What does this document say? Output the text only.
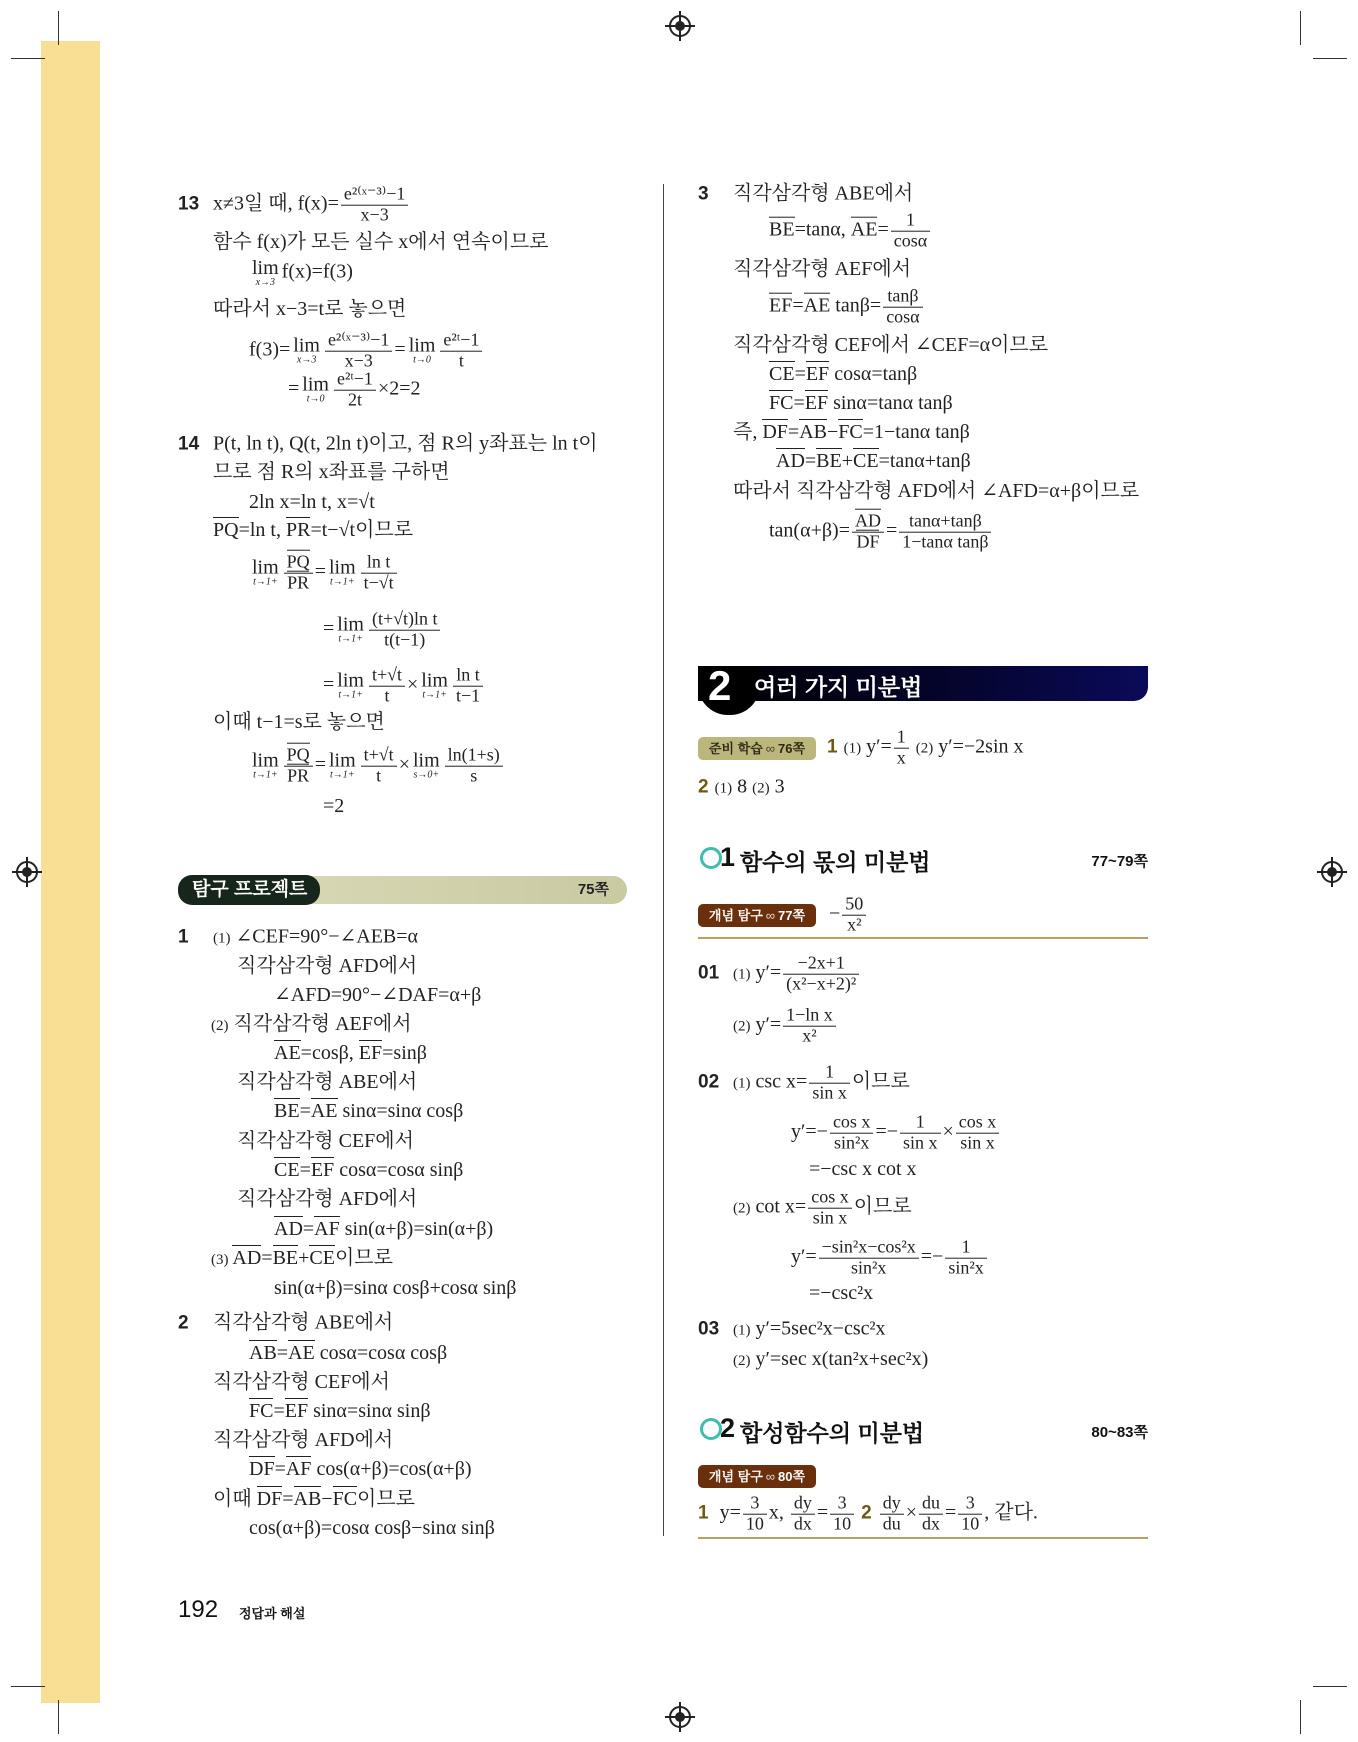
13 x≠3일 때, $f(x)= \frac{\text{e²⁽ˣ⁻³⁾−1}}{x-3}$
함수 f(x)가 모든 실수 x에서 연속이므로
lim
x→3 f(x)=f(3)
따라서 x−3=t로 놓으면
f(3)= lim
$x\to 3 \frac{\text{e²⁽ˣ⁻³⁾−1}}{x-3} = \lim$
$t\to 0 \frac{\text{e²ᵗ−1}}{t}$
= lim
$t\to 0 \frac{\text{e²ᵗ−1}}{2t} \times 2=2$
14 P(t, ln t), Q(t, 2ln t)이고, 점 R의 y좌표는 ln t이
므로 점 R의 x좌표를 구하면
2ln x=ln t, x=√t
PQ=ln t, PR=t−√t이므로
lim
$t\to 1+ \frac{PQ}{PR} = \lim$
$t\to 1+ \frac{\text{ln t}}{t-√t}$
= lim
$t\to 1+ \frac{\text{(t+√t)ln t}}{t(t-1)}$
= lim
$t\to 1+ \frac{t+√t}{t} \times \lim$
$t\to 1+ \frac{\text{ln t}}{t-1}$
이때 t−1=s로 놓으면
lim
$t\to 1+ \frac{PQ}{PR} = \lim$
$t\to 1+ \frac{t+√t}{t} \times \lim$
$s\to 0+ \frac{\ln(1+s)}{s}$
=2
1 (1) ∠CEF=90°−∠AEB=α
직각삼각형 AFD에서
∠AFD=90°−∠DAF=α+β
(2) 직각삼각형 AEF에서
AE=cosβ, EF=sinβ
직각삼각형 ABE에서
BE=AE sinα=sinα cosβ
직각삼각형 CEF에서
CE=EF cosα=cosα sinβ
직각삼각형 AFD에서
AD=AF sin(α+β)=sin(α+β)
(3) AD=BE+CE이므로
sin(α+β)=sinα cosβ+cosα sinβ
2 직각삼각형 ABE에서
AB=AE cosα=cosα cosβ
직각삼각형 CEF에서
FC=EF sinα=sinα sinβ
직각삼각형 AFD에서
DF=AF cos(α+β)=cos(α+β)
이때 DF=AB−FC이므로
cos(α+β)=cosα cosβ−sinα sinβ
3 직각삼각형 ABE에서
BE=tanα, $AE= \frac{1}{\cos\alpha}$
직각삼각형 AEF에서
EF=AE $\tan\beta= \frac{\tan\beta}{\cos\alpha}$
직각삼각형 CEF에서 ∠CEF=α이므로
CE=EF cosα=tanβ
FC=EF sinα=tanα tanβ
즉, DF=AB−FC=1−tanα tanβ
AD=BE+CE=tanα+tanβ
따라서 직각삼각형 AFD에서 ∠AFD=α+β이므로
$\tan(\alpha+\beta)= \frac{AD}{DF} = \frac{\tan\alpha+\tan\beta}{\text{1−tanα tanβ}}$
1 (1) $y'= \frac{1}{x} (2)$ y′=−2sin x
2 (1) 8 (2) 3
− $\frac{50}{\text{x²}}$
01 (1) $y'= \frac{-2x+1}{\text{(x²−x+2)²}}$
(2) $y'= \frac{\text{1−ln x}}{\text{x²}}$
02 (1) $\csc x= \frac{1}{\text{sin x}}$ 이므로
$y'=- \frac{\text{cos x}}{\text{sin²x}} =- \frac{1}{\text{sin x}} \times \frac{\text{cos x}}{\text{sin x}}$
=−csc x cot x
(2) $\cot x= \frac{\text{cos x}}{\text{sin x}}$ 이므로
$y'= \frac{\text{−sin²x−cos²x}}{\text{sin²x}} =- \frac{1}{\text{sin²x}}$
=−csc²x
03 (1) y′=5sec²x−csc²x
(2) y′=sec x(tan²x+sec²x)
1 $y= \frac{3}{10} x$, $\frac{dy}{dx} = \frac{3}{10} 2 \frac{dy}{du} \times \frac{du}{dx} = \frac{3}{10}$ , 같다.
탐구 프로젝트	75쪽
2 여러 가지 미분법
준비 학습 ∞ 76쪽
1 함수의 몫의 미분법	77~79쪽
개념 탐구 ∞ 77쪽
2 합성함수의 미분법	80~83쪽
개념 탐구 ∞ 80쪽
192 정답과 해설
